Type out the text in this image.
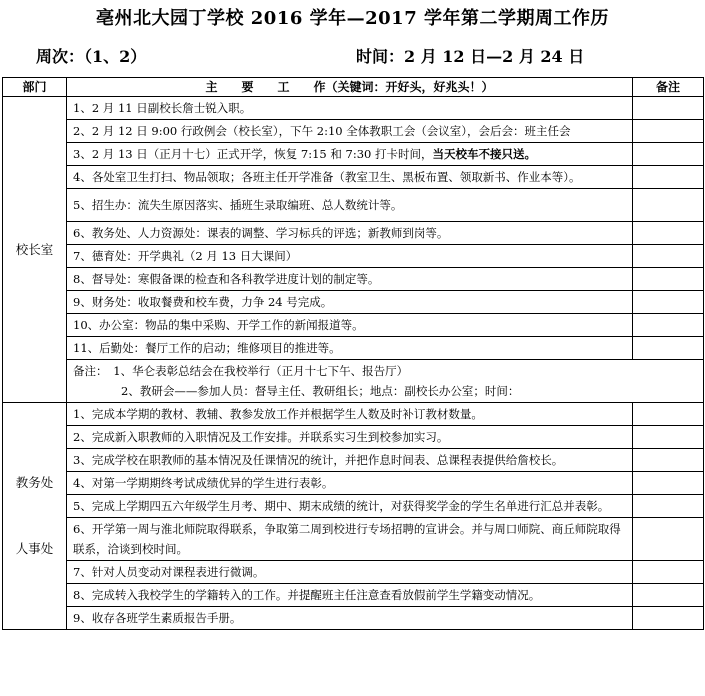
亳州北大园丁学校 2016 学年—2017 学年第二学期周工作历
周次：（1、2）	时间：2 月 12 日—2 月 24 日
部门	主　　要　　工　　作（关键词：开好头，好兆头！）	备注
校长室	1、2 月 11 日副校长詹士锐入职。	
	2、2 月 12 日 9:00 行政例会（校长室），下午 2:10 全体教职工会（会议室），会后会：班主任会	
	3、2 月 13 日（正月十七）正式开学，恢复 7:15 和 7:30 打卡时间，当天校车不接只送。	
	4、各处室卫生打扫、物品领取；各班主任开学准备（教室卫生、黑板布置、领取新书、作业本等）。	
	5、招生办：流失生原因落实、插班生录取编班、总人数统计等。	
	6、教务处、人力资源处：课表的调整、学习标兵的评选；新教师到岗等。	
	7、德育处：开学典礼（2 月 13 日大课间）	
	8、督导处：寒假备课的检查和各科教学进度计划的制定等。	
	9、财务处：收取餐费和校车费，力争 24 号完成。	
	10、办公室：物品的集中采购、开学工作的新闻报道等。	
	11、后勤处：餐厅工作的启动；维修项目的推进等。	

	备注：　1、华仑表彰总结会在我校举行（正月十七下午、报告厅）
2、教研会——参加人员：督导主任、教研组长；地点：副校长办公室；时间：	

教务处
人事处	1、完成本学期的教材、教辅、教参发放工作并根据学生人数及时补订教材数量。	
	2、完成新入职教师的入职情况及工作安排。并联系实习生到校参加实习。	
	3、完成学校在职教师的基本情况及任课情况的统计，并把作息时间表、总课程表提供给詹校长。	
	4、对第一学期期终考试成绩优异的学生进行表彰。	
	5、完成上学期四五六年级学生月考、期中、期末成绩的统计，对获得奖学金的学生名单进行汇总并表彰。	
	6、开学第一周与淮北师院取得联系，争取第二周到校进行专场招聘的宣讲会。并与周口师院、商丘师院取得联系，洽谈到校时间。	
	7、针对人员变动对课程表进行微调。	
	8、完成转入我校学生的学籍转入的工作。并提醒班主任注意查看放假前学生学籍变动情况。	
	9、收存各班学生素质报告手册。	
